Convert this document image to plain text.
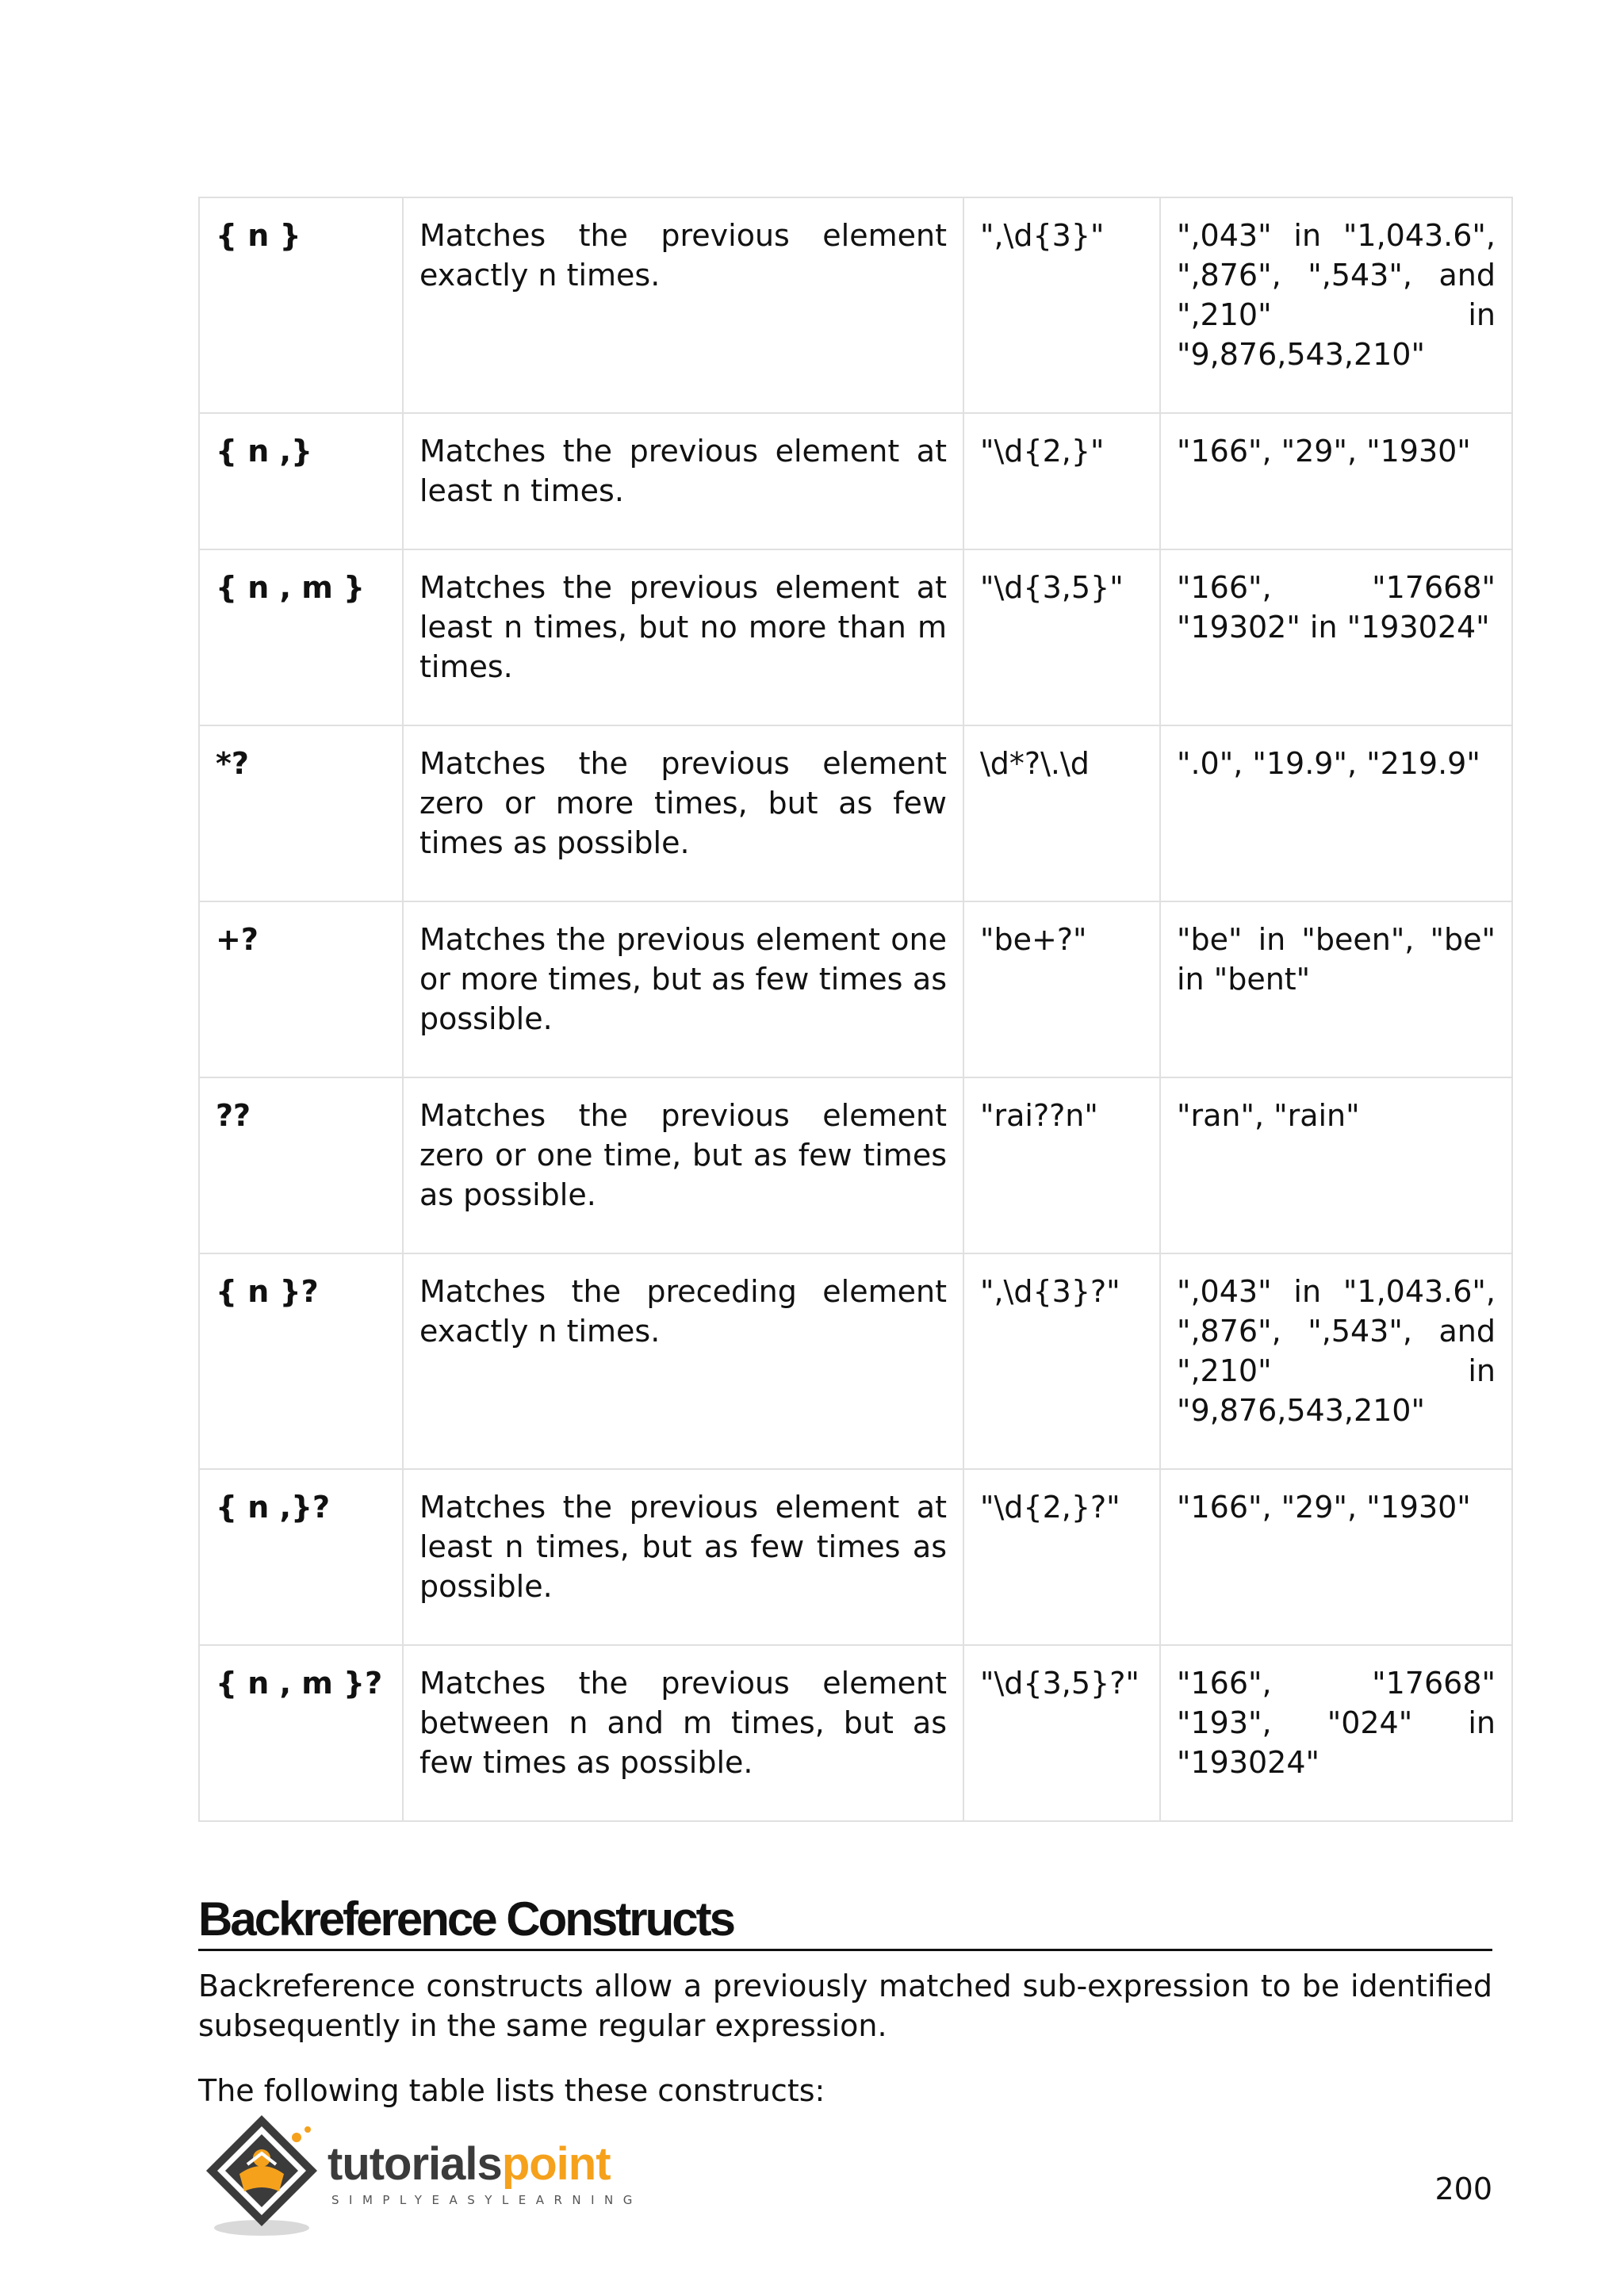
{ n }	Matches the previous element exactly n times.	",\d{3}"	",043" in "1,043.6", ",876", ",543", and ",210" in "9,876,543,210"
{ n ,}	Matches the previous element at least n times.	"\d{2,}"	"166", "29", "1930"
{ n , m }	Matches the previous element at least n times, but no more than m times.	"\d{3,5}"	"166", "17668" "19302" in "193024"
*?	Matches the previous element zero or more times, but as few times as possible.	\d*?\.\d	".0", "19.9", "219.9"
+?	Matches the previous element one or more times, but as few times as possible.	"be+?"	"be" in "been", "be" in "bent"
??	Matches the previous element zero or one time, but as few times as possible.	"rai??n"	"ran", "rain"
{ n }?	Matches the preceding element exactly n times.	",\d{3}?"	",043" in "1,043.6", ",876", ",543", and ",210" in "9,876,543,210"
{ n ,}?	Matches the previous element at least n times, but as few times as possible.	"\d{2,}?"	"166", "29", "1930"
{ n , m }?	Matches the previous element between n and m times, but as few times as possible.	"\d{3,5}?"	"166", "17668" "193", "024" in "193024"
Backreference Constructs
Backreference constructs allow a previously matched sub-expression to be identified subsequently in the same regular expression.
The following table lists these constructs:
tutorialspoint
SIMPLYEASYLEARNING	200
